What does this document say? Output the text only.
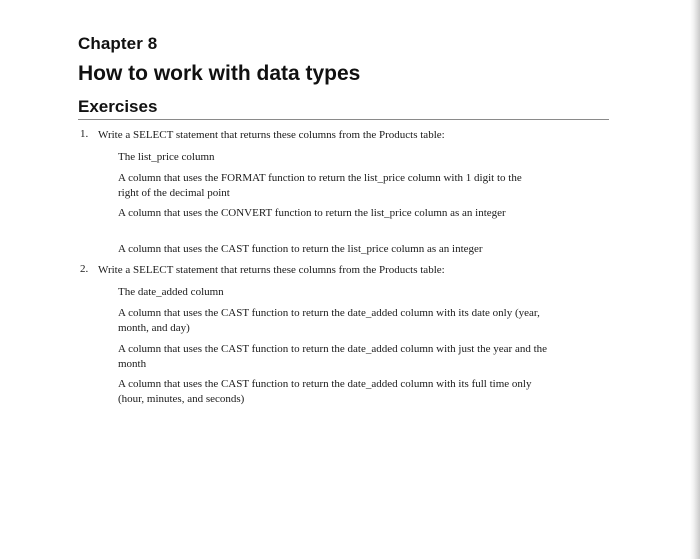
Chapter 8
How to work with data types
Exercises
1. Write a SELECT statement that returns these columns from the Products table:
The list_price column
A column that uses the FORMAT function to return the list_price column with 1 digit to the right of the decimal point
A column that uses the CONVERT function to return the list_price column as an integer
A column that uses the CAST function to return the list_price column as an integer
2. Write a SELECT statement that returns these columns from the Products table:
The date_added column
A column that uses the CAST function to return the date_added column with its date only (year, month, and day)
A column that uses the CAST function to return the date_added column with just the year and the month
A column that uses the CAST function to return the date_added column with its full time only (hour, minutes, and seconds)
